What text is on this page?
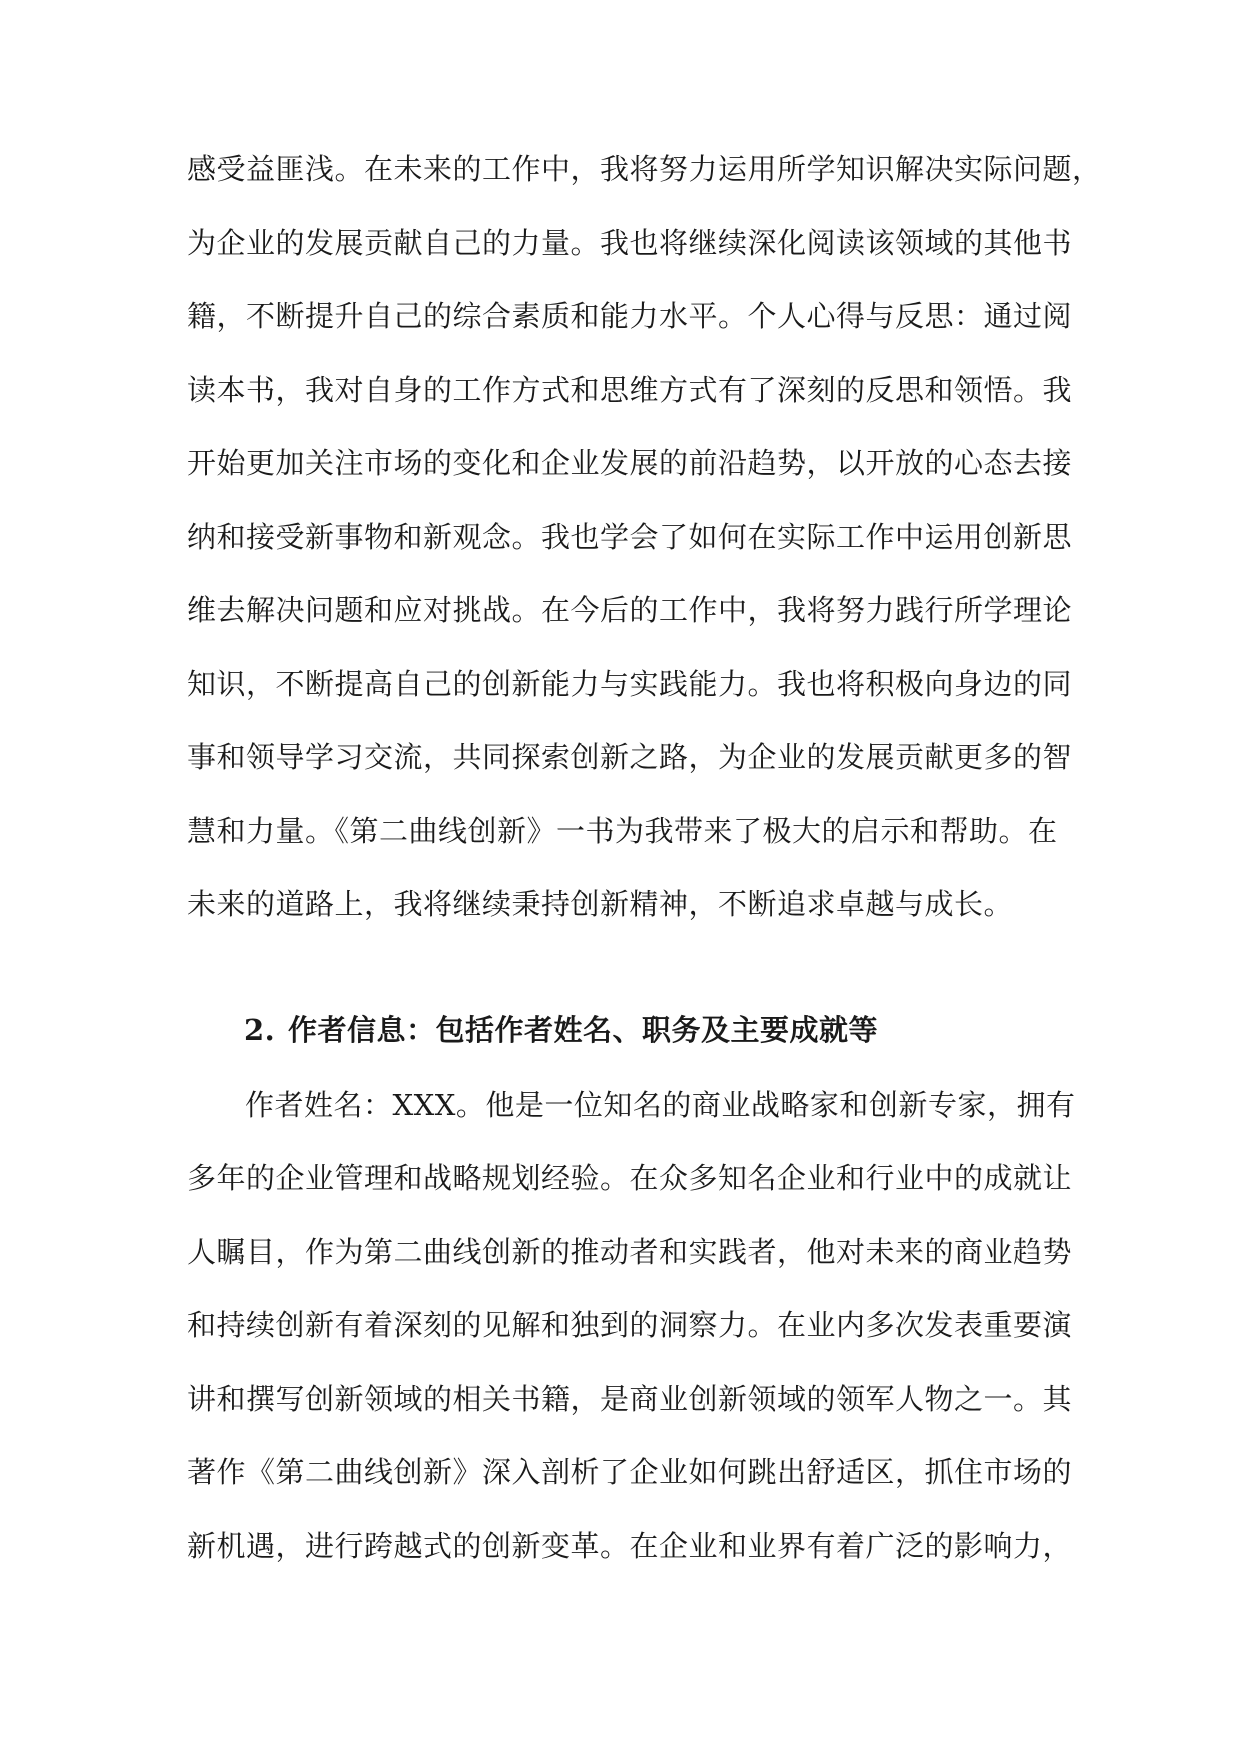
感受益匪浅。在未来的工作中，我将努力运用所学知识解决实际问题，
为企业的发展贡献自己的力量。我也将继续深化阅读该领域的其他书
籍，不断提升自己的综合素质和能力水平。个人心得与反思：通过阅
读本书，我对自身的工作方式和思维方式有了深刻的反思和领悟。我
开始更加关注市场的变化和企业发展的前沿趋势，以开放的心态去接
纳和接受新事物和新观念。我也学会了如何在实际工作中运用创新思
维去解决问题和应对挑战。在今后的工作中，我将努力践行所学理论
知识，不断提高自己的创新能力与实践能力。我也将积极向身边的同
事和领导学习交流，共同探索创新之路，为企业的发展贡献更多的智
慧和力量。《第二曲线创新》一书为我带来了极大的启示和帮助。在
未来的道路上，我将继续秉持创新精神，不断追求卓越与成长。
2. 作者信息：包括作者姓名、职务及主要成就等
作者姓名：XXX。他是一位知名的商业战略家和创新专家，拥有
多年的企业管理和战略规划经验。在众多知名企业和行业中的成就让
人瞩目，作为第二曲线创新的推动者和实践者，他对未来的商业趋势
和持续创新有着深刻的见解和独到的洞察力。在业内多次发表重要演
讲和撰写创新领域的相关书籍，是商业创新领域的领军人物之一。其
著作《第二曲线创新》深入剖析了企业如何跳出舒适区，抓住市场的
新机遇，进行跨越式的创新变革。在企业和业界有着广泛的影响力，
